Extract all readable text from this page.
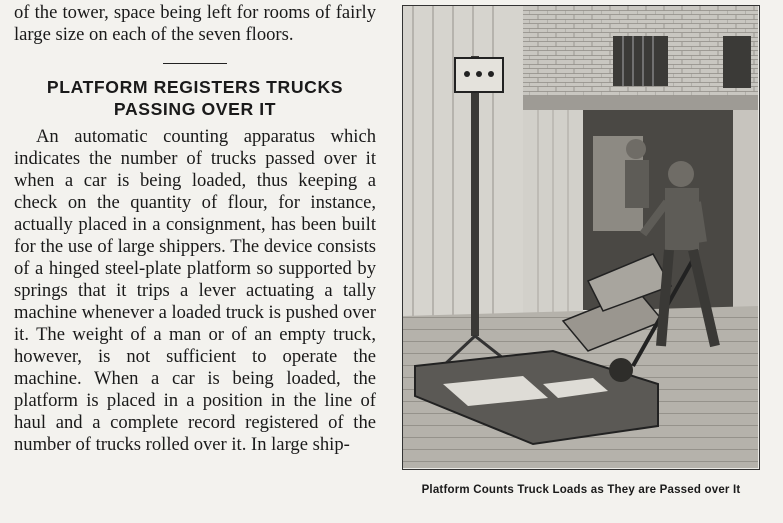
of the tower, space being left for rooms of fairly large size on each of the seven floors.

PLATFORM REGISTERS TRUCKS PASSING OVER IT

An automatic counting apparatus which indicates the number of trucks passed over it when a car is being loaded, thus keeping a check on the quantity of flour, for instance, actually placed in a consignment, has been built for the use of large shippers. The device consists of a hinged steel-plate platform so supported by springs that it trips a lever actuating a tally machine whenever a loaded truck is pushed over it. The weight of a man or of an empty truck, however, is not sufficient to operate the machine. When a car is being loaded, the platform is placed in a position in the line of haul and a complete record registered of the number of trucks rolled over it. In large ship-

Platform Counts Truck Loads as They are Passed over It
